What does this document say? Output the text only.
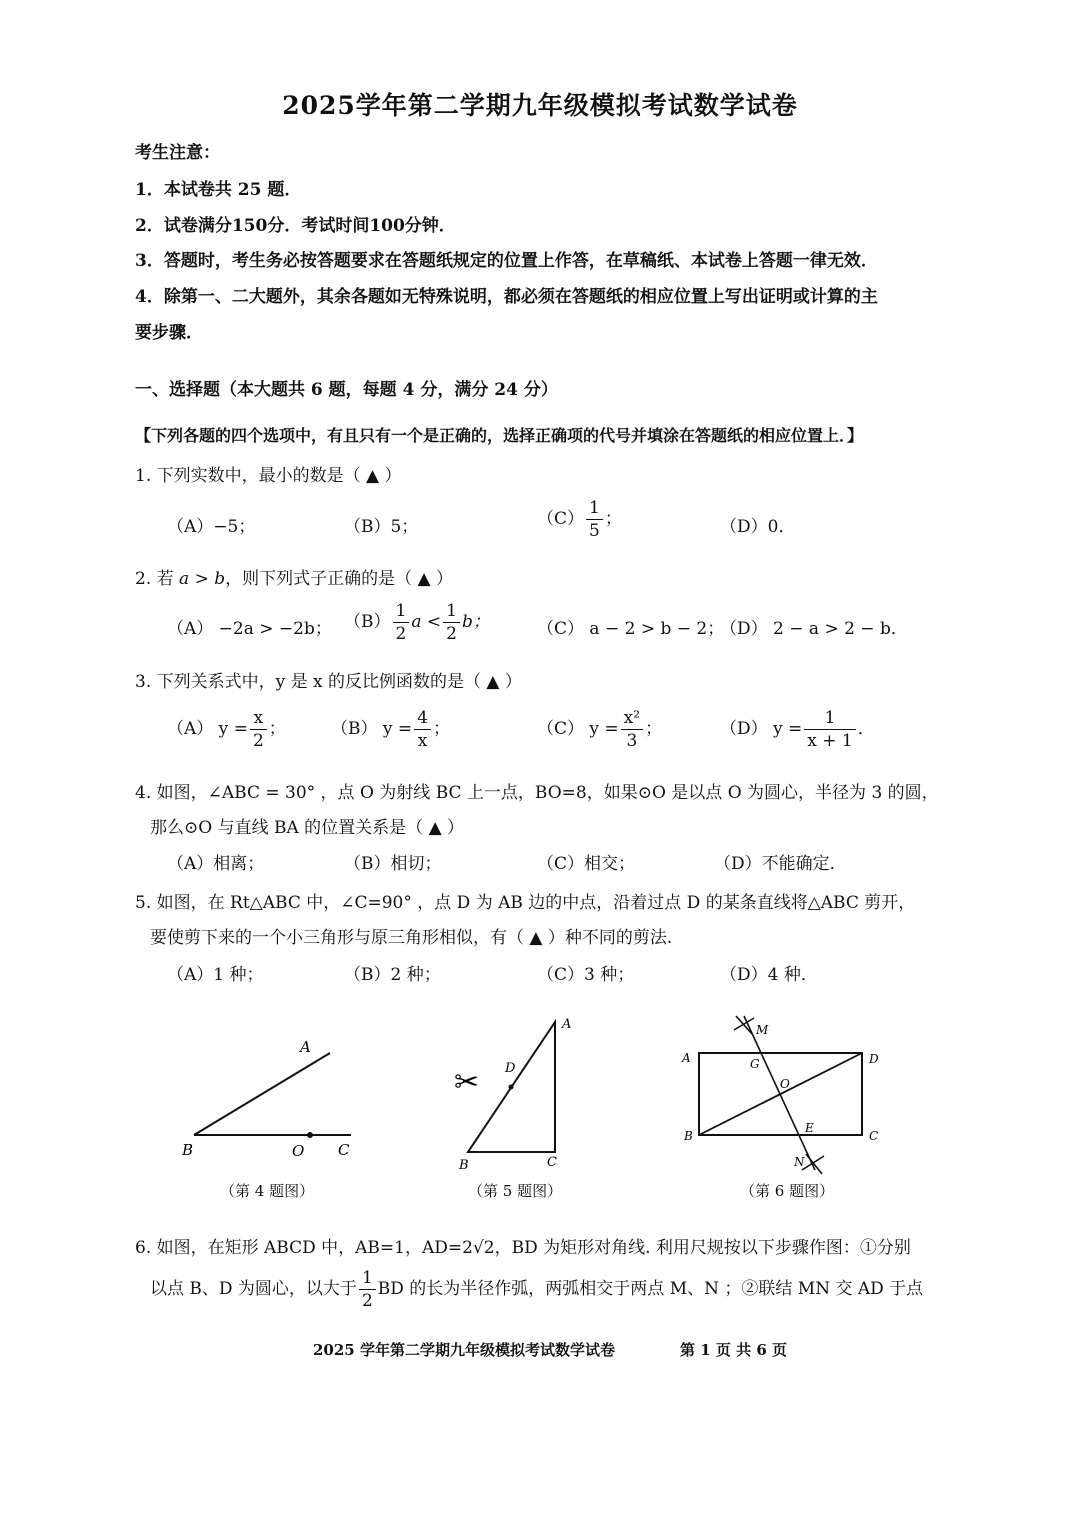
2025学年第二学期九年级模拟考试数学试卷
考生注意：
1．本试卷共 25 题．
2．试卷满分150分．考试时间100分钟．
3．答题时，考生务必按答题要求在答题纸规定的位置上作答，在草稿纸、本试卷上答题一律无效．
4．除第一、二大题外，其余各题如无特殊说明，都必须在答题纸的相应位置上写出证明或计算的主
要步骤．
一、选择题（本大题共 6 题，每题 4 分，满分 24 分）
【下列各题的四个选项中，有且只有一个是正确的，选择正确项的代号并填涂在答题纸的相应位置上．】
1. 下列实数中，最小的数是（ ▲ ）
（A）−5；	（B）5；	$(C) \frac{1}{5}$ ；	（D）0．
2. 若 a > b，则下列式子正确的是（ ▲ ）
（A） −2a > −2b； $(B) \frac{1}{2}$ $a < \frac{1}{2}$ b；	（C） a − 2 > b − 2；
（D） 2 − a > 2 − b．
3. 下列关系式中，y 是 x 的反比例函数的是（ ▲ ）
（A） $y = \frac{x}{2}$ ；	（B） $y = \frac{4}{x}$ ；	（C） $y = \frac{\text{x²}}{3}$ ；	（D） $y = \frac{1}{x + 1}$ ．
4. 如图，∠ABC = 30° ，点 O 为射线 BC 上一点，BO=8，如果⊙O 是以点 O 为圆心，半径为 3 的圆，
那么⊙O 与直线 BA 的位置关系是（ ▲ ）
（A）相离；	（B）相切；	（C）相交；	（D）不能确定．
5. 如图，在 Rt△ABC 中，∠C=90° ，点 D 为 AB 边的中点，沿着过点 D 的某条直线将△ABC 剪开，
要使剪下来的一个小三角形与原三角形相似，有（ ▲ ）种不同的剪法.
（A）1 种；	（B）2 种；	（C）3 种；	（D）4 种．
A
B	O C
（第 4 题图）
A
B	C
D
✂
（第 5 题图）
A
B	C
D
M
N
G
O
E
（第 6 题图）
6. 如图，在矩形 ABCD 中，AB=1，AD=2√2，BD 为矩形对角线. 利用尺规按以下步骤作图：①分别
以点 B、D 为圆心，以大于 $\frac{1}{2}$ BD 的长为半径作弧，两弧相交于两点 M、N ；②联结 MN 交 AD 于点
2025 学年第二学期九年级模拟考试数学试卷	第 1 页 共 6 页
